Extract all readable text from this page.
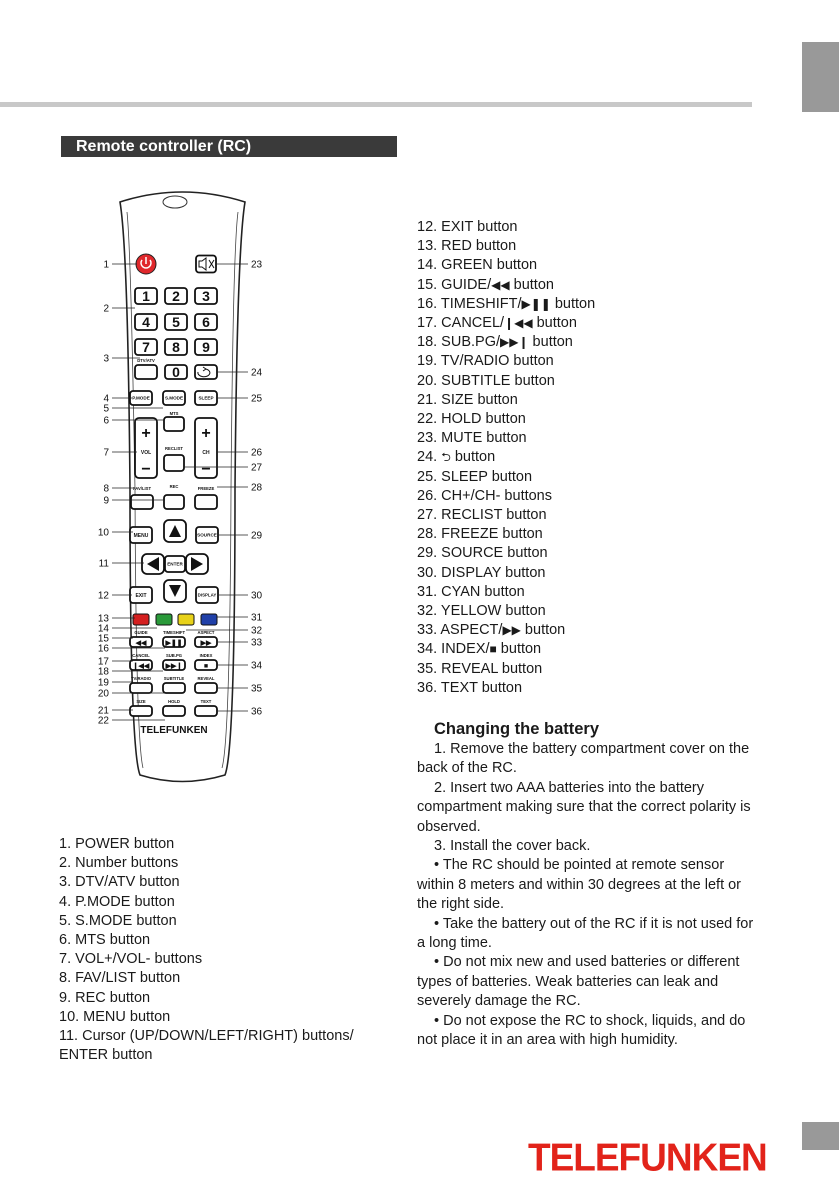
Remote controller (RC)
1 2 3
4 5 6
7 8 9
DTV/ATV
0
P.MODE	S.MODE	SLEEP
MTS
+
VOL
−
+
CH
−
RECLIST
FAV/LIST	REC	FREEZE
MENU	SOURCE
ENTER
EXIT	DISPLAY
GUIDE
◀◀
TIMESHIFT
▶❚❚
ASPECT
▶▶
CANCEL
❙◀◀
SUB.PG
▶▶❙
INDEX
■
TV/RADIO	SUBTITLE	REVEAL
SIZE	HOLD	TEXT
TELEFUNKEN
1
2
3
4
5
6
7
8
9
10
11
12
13
14
15
16
17
18
19
20
21
22
23
24
25
26
27
28
29
30
31
32
33
34
35
36
1. POWER button
2. Number buttons
3. DTV/ATV button
4. P.MODE button
5. S.MODE button
6. MTS button
7. VOL+/VOL- buttons
8. FAV/LIST button
9. REC button
10. MENU button
11. Cursor (UP/DOWN/LEFT/RIGHT) buttons/ ENTER button
12. EXIT button
13. RED button
14. GREEN button
15. GUIDE/◀◀ button
16. TIMESHIFT/▶❚❚ button
17. CANCEL/❙◀◀ button
18. SUB.PG/▶▶❙ button
19. TV/RADIO button
20. SUBTITLE button
21. SIZE button
22. HOLD button
23. MUTE button
24. ⮌ button
25. SLEEP button
26. CH+/CH- buttons
27. RECLIST button
28. FREEZE button
29. SOURCE button
30. DISPLAY button
31. CYAN button
32. YELLOW button
33. ASPECT/▶▶ button
34. INDEX/■ button
35. REVEAL button
36. TEXT button
Changing the battery

1. Remove the battery compartment cover on the back of the RC.

2. Insert two AAA batteries into the battery compartment making sure that the correct polarity is observed.

3. Install the cover back.

• The RC should be pointed at remote sensor within 8 meters and within 30 degrees at the left or the right side.

• Take the battery out of the RC if it is not used for a long time.

• Do not mix new and used batteries or different types of batteries. Weak batteries can leak and severely damage the RC.

• Do not expose the RC to shock, liquids, and do not place it in an area with high humidity.

TELEFUNKEN
